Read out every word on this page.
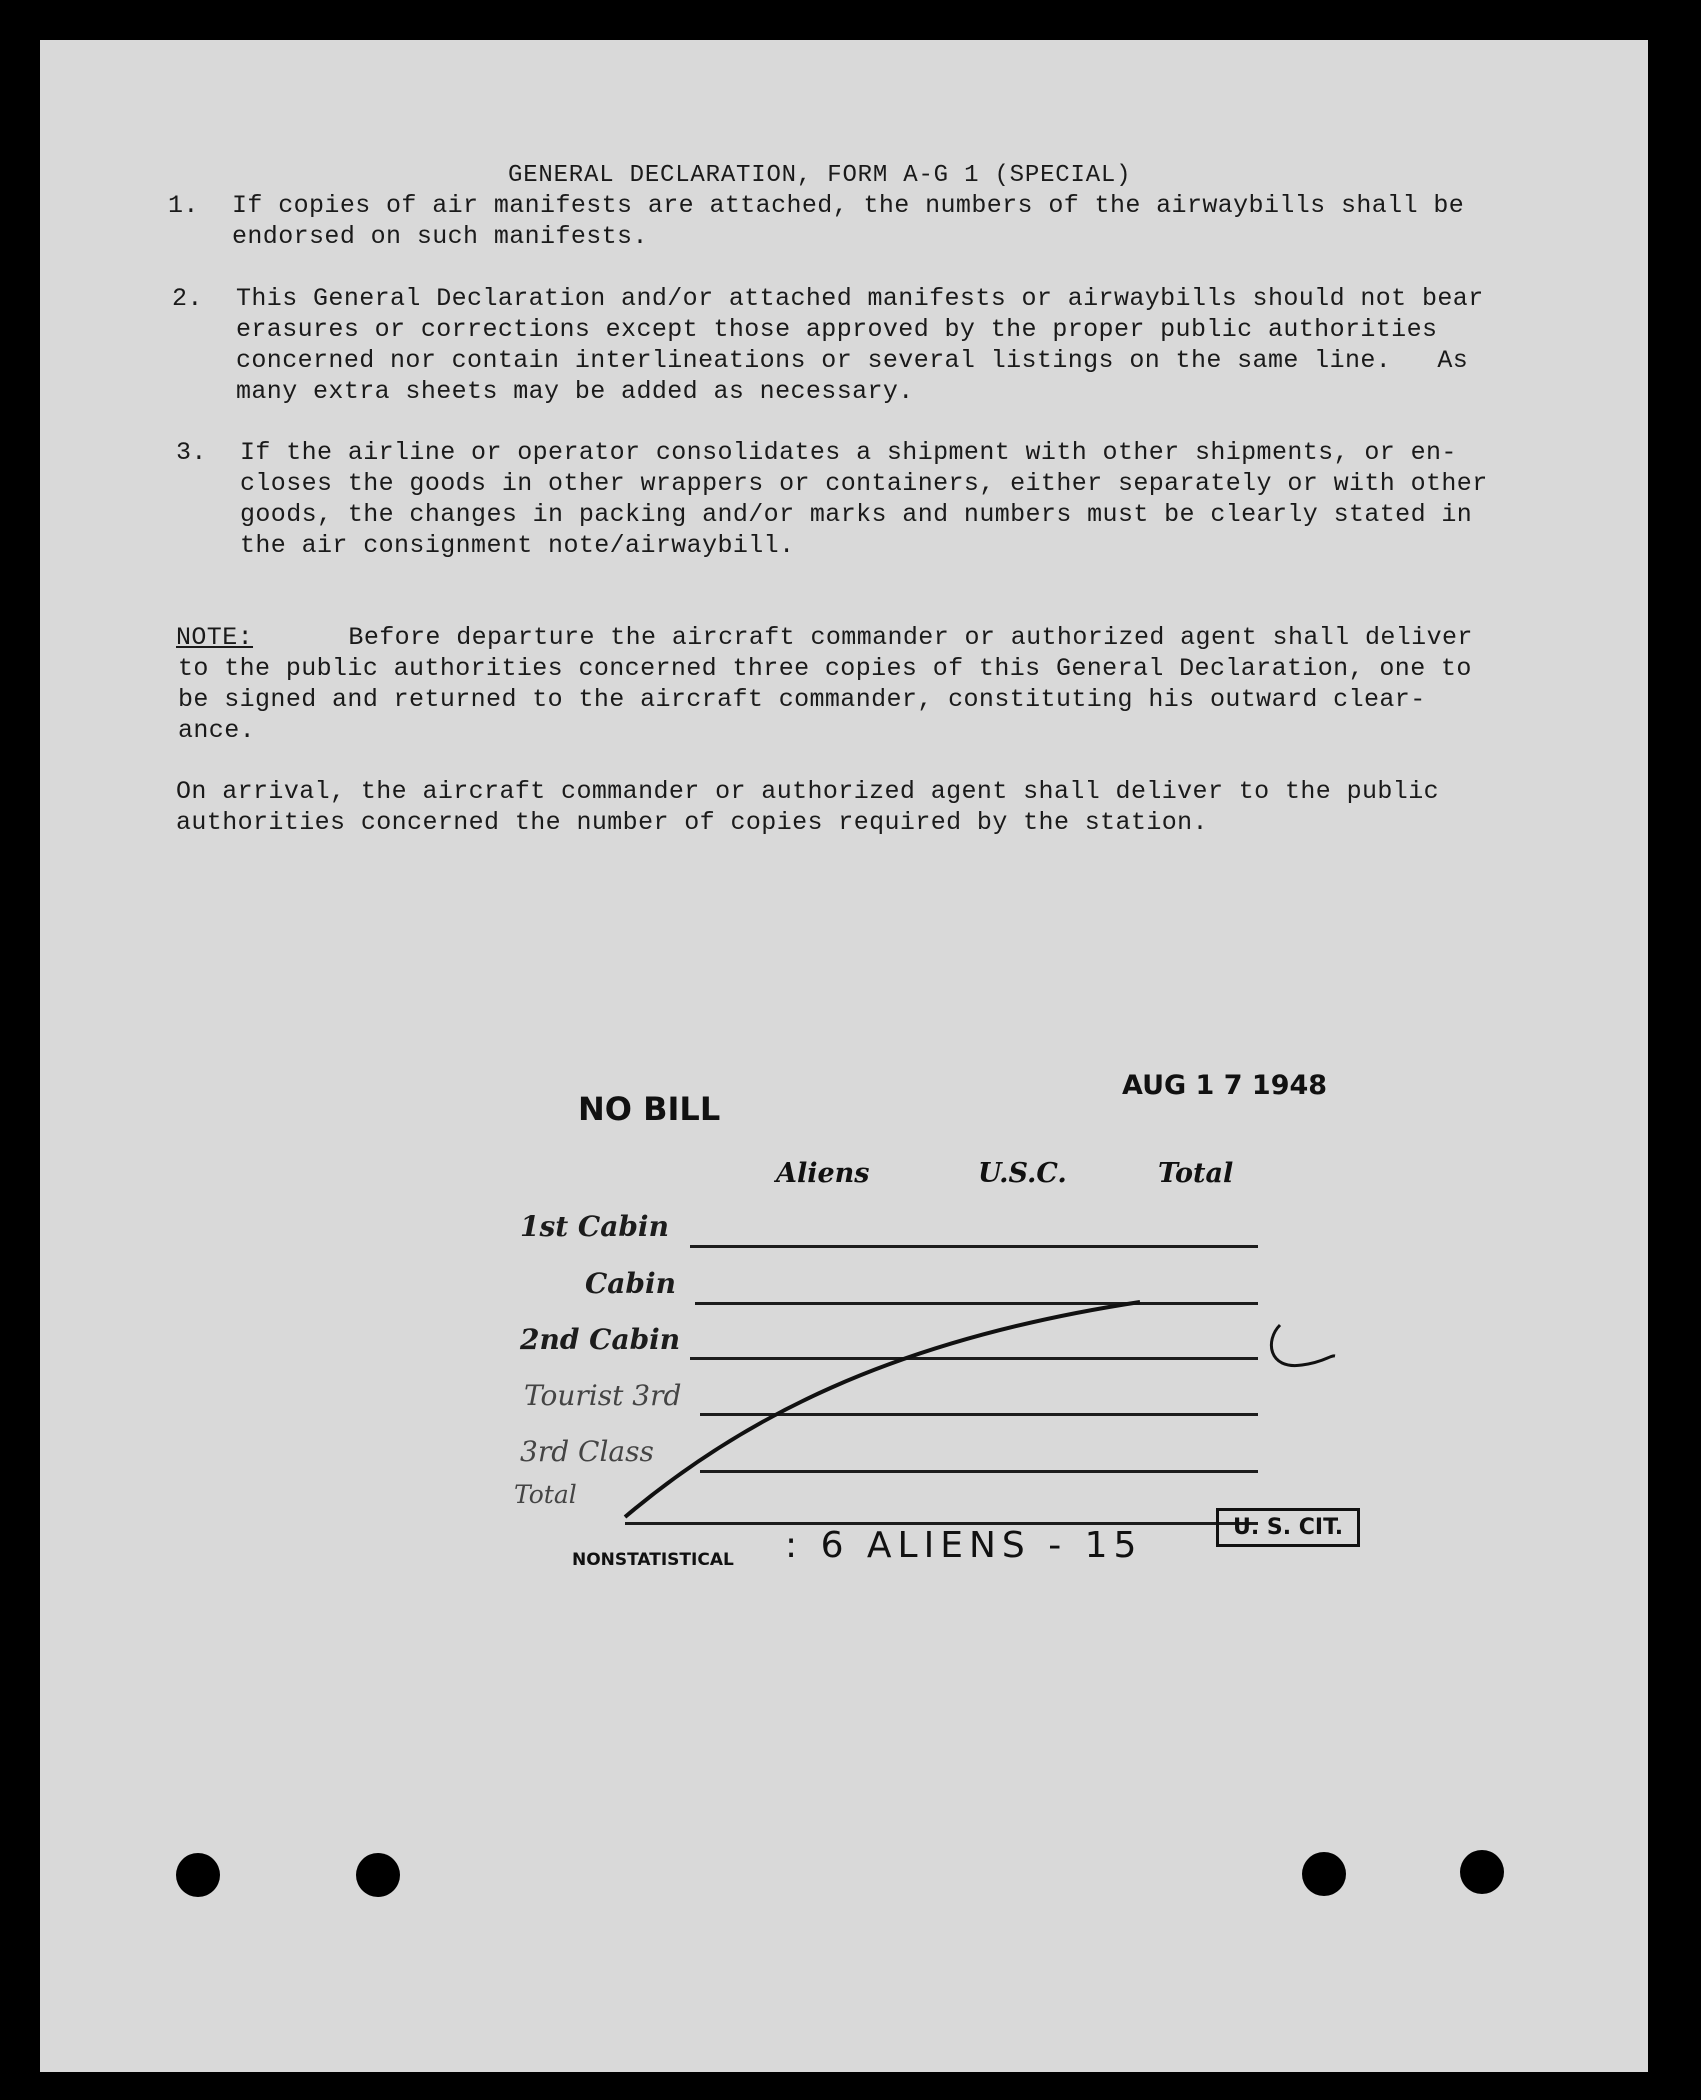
GENERAL DECLARATION, FORM A-G 1 (SPECIAL)
1. If copies of air manifests are attached, the numbers of the airwaybills shall be
endorsed on such manifests.
2. This General Declaration and/or attached manifests or airwaybills should not bear
erasures or corrections except those approved by the proper public authorities
concerned nor contain interlineations or several listings on the same line.   As
many extra sheets may be added as necessary.
3. If the airline or operator consolidates a shipment with other shipments, or en-
closes the goods in other wrappers or containers, either separately or with other
goods, the changes in packing and/or marks and numbers must be clearly stated in
the air consignment note/airwaybill.
NOTE: Before departure the aircraft commander or authorized agent shall deliver
to the public authorities concerned three copies of this General Declaration, one to
be signed and returned to the aircraft commander, constituting his outward clear-
ance.
On arrival, the aircraft commander or authorized agent shall deliver to the public
authorities concerned the number of copies required by the station.
NO BILL
AUG 1 7 1948
Aliens	U.S.C.	Total
1st Cabin
Cabin
2nd Cabin
Tourist 3rd
3rd Class
Total
NONSTATISTICAL : 6 ALIENS - 15	U. S. CIT.
